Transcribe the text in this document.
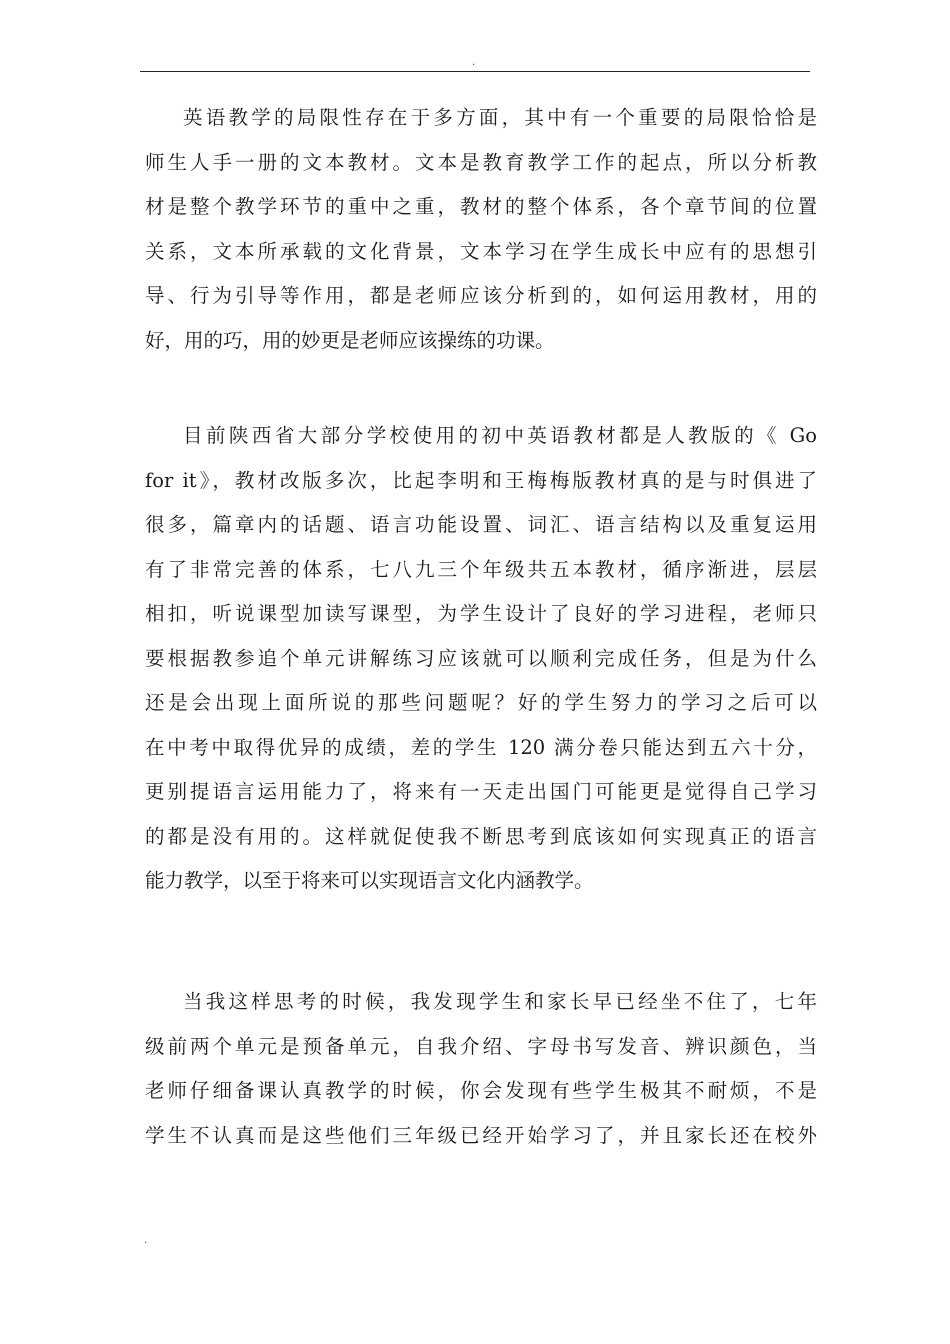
.
英语教学的局限性存在于多方面，其中有一个重要的局限恰恰是
师生人手一册的文本教材。文本是教育教学工作的起点，所以分析教
材是整个教学环节的重中之重，教材的整个体系，各个章节间的位置
关系，文本所承载的文化背景，文本学习在学生成长中应有的思想引
导、行为引导等作用，都是老师应该分析到的，如何运用教材，用的
好，用的巧，用的妙更是老师应该操练的功课。
目前陕西省大部分学校使用的初中英语教材都是人教版的《 Go
for it》，教材改版多次，比起李明和王梅梅版教材真的是与时俱进了
很多，篇章内的话题、语言功能设置、词汇、语言结构以及重复运用
有了非常完善的体系，七八九三个年级共五本教材，循序渐进，层层
相扣，听说课型加读写课型，为学生设计了良好的学习进程，老师只
要根据教参追个单元讲解练习应该就可以顺利完成任务，但是为什么
还是会出现上面所说的那些问题呢？好的学生努力的学习之后可以
在中考中取得优异的成绩，差的学生 120 满分卷只能达到五六十分，
更别提语言运用能力了，将来有一天走出国门可能更是觉得自己学习
的都是没有用的。这样就促使我不断思考到底该如何实现真正的语言
能力教学，以至于将来可以实现语言文化内涵教学。
当我这样思考的时候，我发现学生和家长早已经坐不住了，七年
级前两个单元是预备单元，自我介绍、字母书写发音、辨识颜色，当
老师仔细备课认真教学的时候，你会发现有些学生极其不耐烦，不是
学生不认真而是这些他们三年级已经开始学习了，并且家长还在校外
.
